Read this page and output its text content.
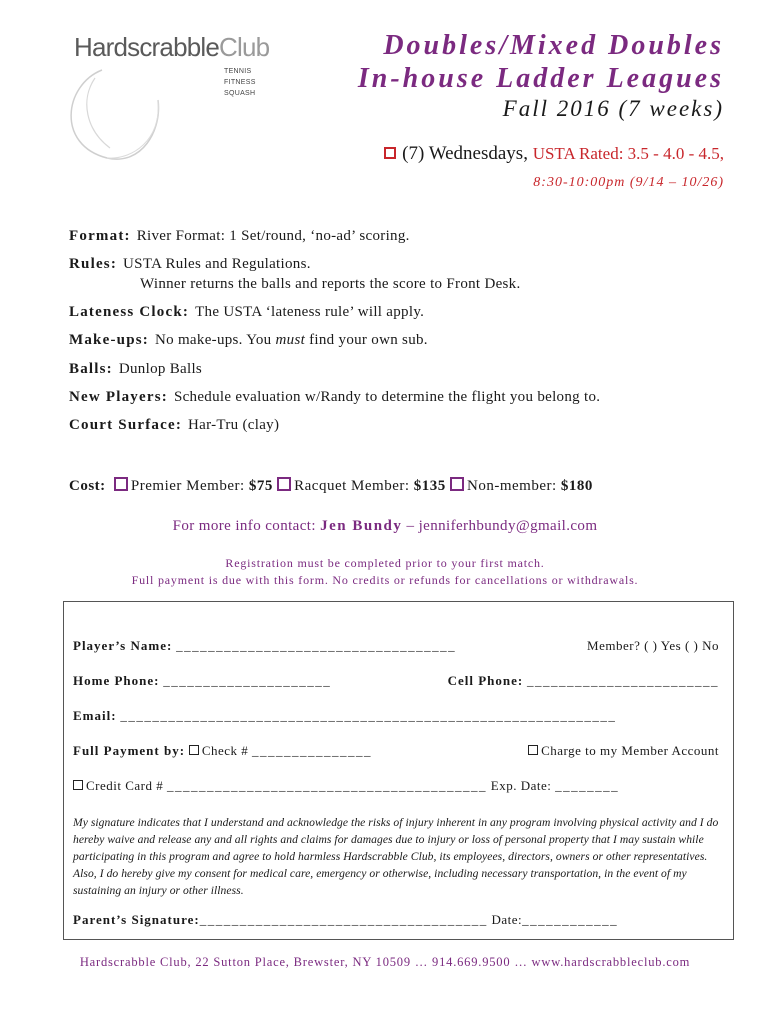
HardscrabbleClub
TENNIS
FITNESS
SQUASH
Doubles/Mixed Doubles
In-house Ladder Leagues
Fall 2016 (7 weeks)
(7) Wednesdays, USTA Rated: 3.5 - 4.0 - 4.5,
8:30-10:00pm (9/14 – 10/26)
Format: River Format: 1 Set/round, ‘no-ad’ scoring.
Rules: USTA Rules and Regulations.
Winner returns the balls and reports the score to Front Desk.
Lateness Clock: The USTA ‘lateness rule’ will apply.
Make-ups: No make-ups. You must find your own sub.
Balls: Dunlop Balls
New Players: Schedule evaluation w/Randy to determine the flight you belong to.
Court Surface: Har-Tru (clay)
Cost: Premier Member: $75 Racquet Member: $135 Non-member: $180
For more info contact: Jen Bundy – jenniferhbundy@gmail.com
Registration must be completed prior to your first match.
Full payment is due with this form. No credits or refunds for cancellations or withdrawals.
Player’s Name: ___________________________________	Member? ( ) Yes ( ) No
Home Phone: _____________________	Cell Phone: ________________________
Email: ______________________________________________________________
Full Payment by: Check # _______________	Charge to my Member Account
Credit Card # ________________________________________ Exp. Date: ________
My signature indicates that I understand and acknowledge the risks of injury inherent in any program involving physical activity and I do hereby waive and release any and all rights and claims for damages due to injury or loss of personal property that I may sustain while participating in this program and agree to hold harmless Hardscrabble Club, its employees, directors, owners or other representatives. Also, I do hereby give my consent for medical care, emergency or otherwise, including necessary transportation, in the event of my sustaining an injury or other illness.
Parent’s Signature:____________________________________ Date:____________
Hardscrabble Club, 22 Sutton Place, Brewster, NY 10509 … 914.669.9500 … www.hardscrabbleclub.com
